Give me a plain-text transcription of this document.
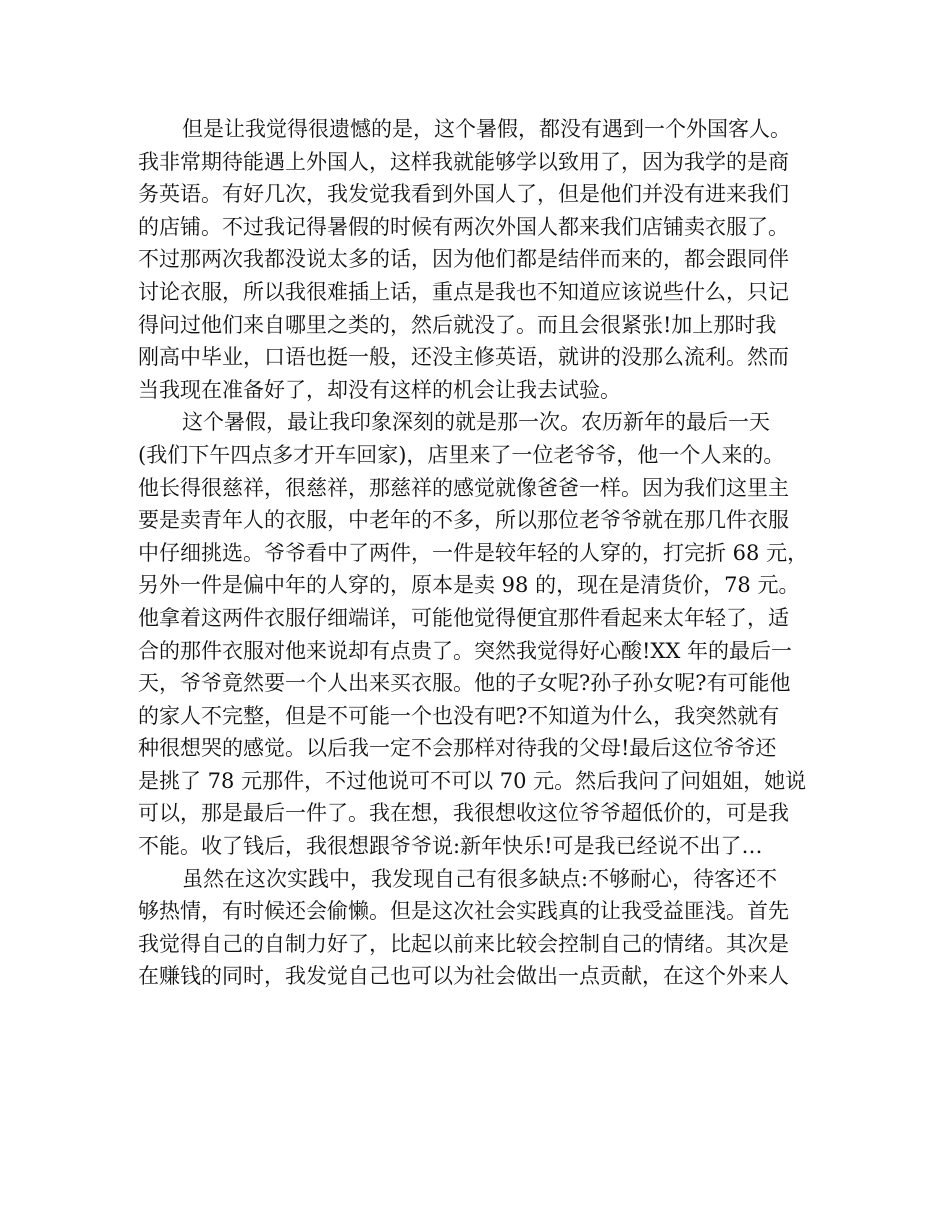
但是让我觉得很遗憾的是，这个暑假，都没有遇到一个外国客人。
我非常期待能遇上外国人，这样我就能够学以致用了，因为我学的是商
务英语。有好几次，我发觉我看到外国人了，但是他们并没有进来我们
的店铺。不过我记得暑假的时候有两次外国人都来我们店铺卖衣服了。
不过那两次我都没说太多的话，因为他们都是结伴而来的，都会跟同伴
讨论衣服，所以我很难插上话，重点是我也不知道应该说些什么，只记
得问过他们来自哪里之类的，然后就没了。而且会很紧张!加上那时我
刚高中毕业，口语也挺一般，还没主修英语，就讲的没那么流利。然而
当我现在准备好了，却没有这样的机会让我去试验。
这个暑假，最让我印象深刻的就是那一次。农历新年的最后一天
(我们下午四点多才开车回家)，店里来了一位老爷爷，他一个人来的。
他长得很慈祥，很慈祥，那慈祥的感觉就像爸爸一样。因为我们这里主
要是卖青年人的衣服，中老年的不多，所以那位老爷爷就在那几件衣服
中仔细挑选。爷爷看中了两件，一件是较年轻的人穿的，打完折 68 元，
另外一件是偏中年的人穿的，原本是卖 98 的，现在是清货价，78 元。
他拿着这两件衣服仔细端详，可能他觉得便宜那件看起来太年轻了，适
合的那件衣服对他来说却有点贵了。突然我觉得好心酸!XX 年的最后一
天，爷爷竟然要一个人出来买衣服。他的子女呢?孙子孙女呢?有可能他
的家人不完整，但是不可能一个也没有吧?不知道为什么，我突然就有
种很想哭的感觉。以后我一定不会那样对待我的父母!最后这位爷爷还
是挑了 78 元那件，不过他说可不可以 70 元。然后我问了问姐姐，她说
可以，那是最后一件了。我在想，我很想收这位爷爷超低价的，可是我
不能。收了钱后，我很想跟爷爷说:新年快乐!可是我已经说不出了…
虽然在这次实践中，我发现自己有很多缺点:不够耐心，待客还不
够热情，有时候还会偷懒。但是这次社会实践真的让我受益匪浅。首先
我觉得自己的自制力好了，比起以前来比较会控制自己的情绪。其次是
在赚钱的同时，我发觉自己也可以为社会做出一点贡献，在这个外来人
